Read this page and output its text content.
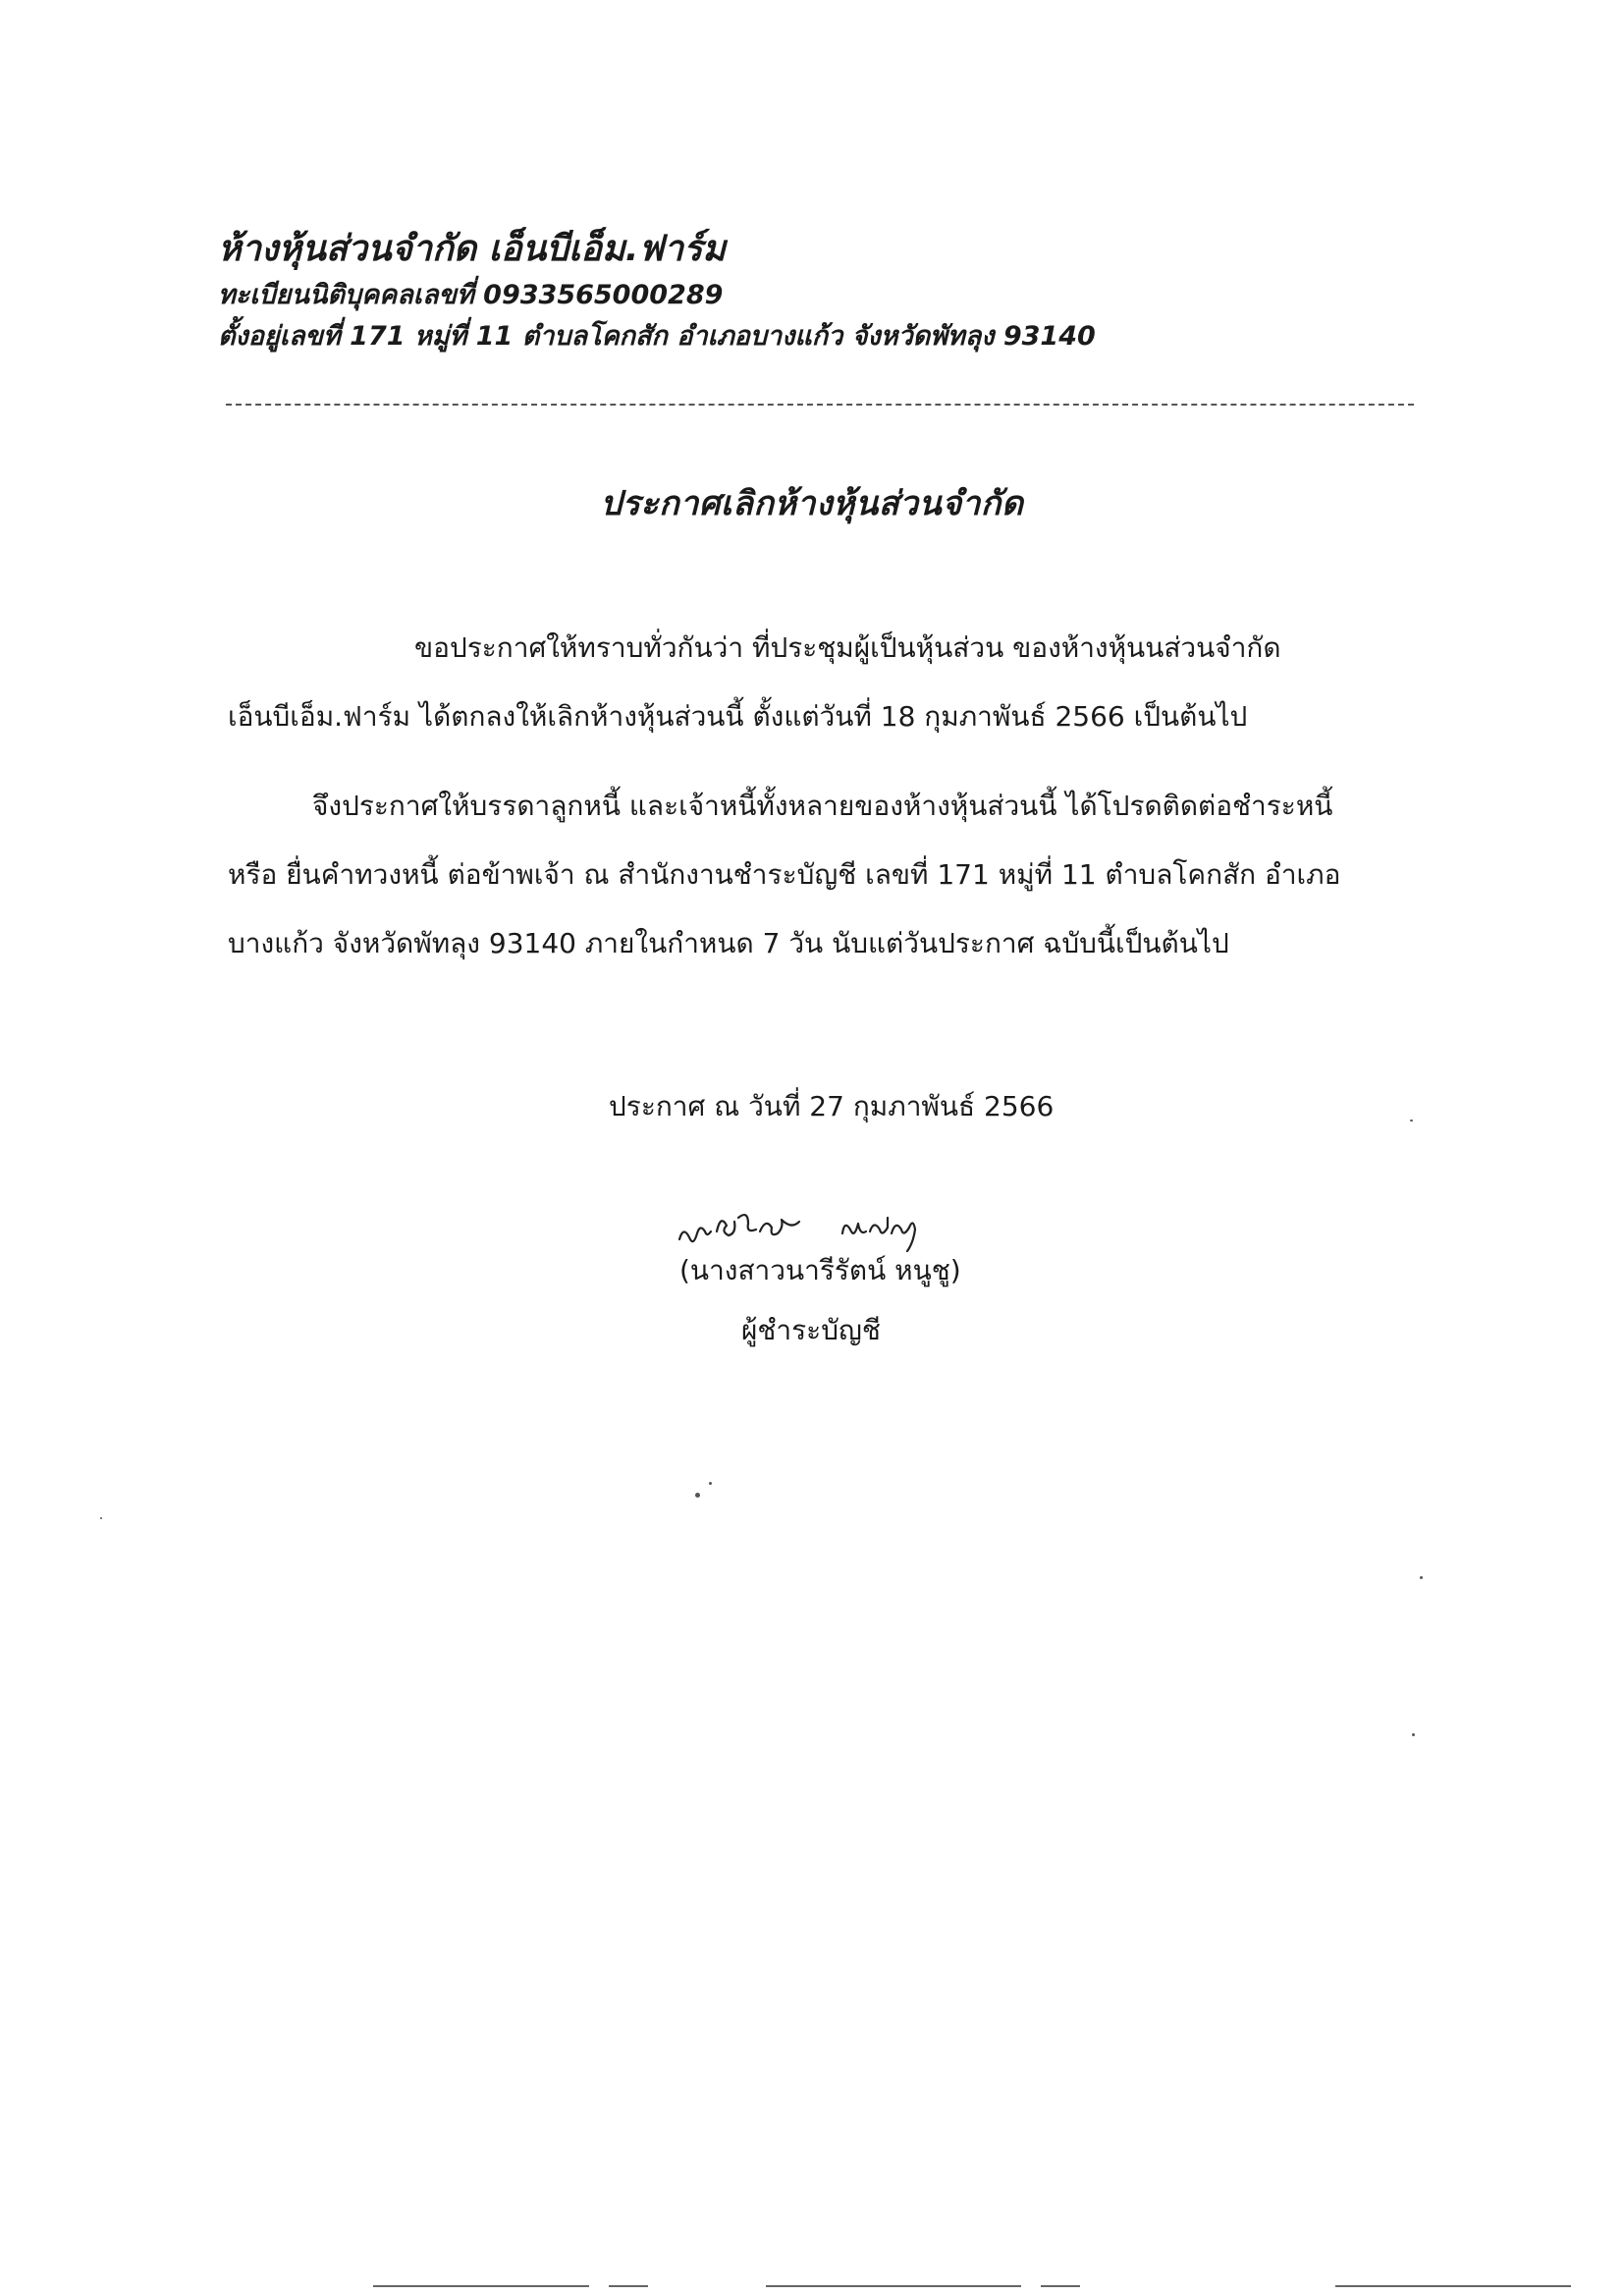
ห้างหุ้นส่วนจำกัด เอ็นบีเอ็ม.ฟาร์ม

ทะเบียนนิติบุคคลเลขที่ 0933565000289

ตั้งอยู่เลขที่ 171 หมู่ที่ 11 ตำบลโคกสัก อำเภอบางแก้ว จังหวัดพัทลุง 93140

ประกาศเลิกห้างหุ้นส่วนจำกัด

ขอประกาศให้ทราบทั่วกันว่า ที่ประชุมผู้เป็นหุ้นส่วน ของห้างหุ้นนส่วนจำกัด
เอ็นบีเอ็ม.ฟาร์ม ได้ตกลงให้เลิกห้างหุ้นส่วนนี้ ตั้งแต่วันที่ 18 กุมภาพันธ์ 2566 เป็นต้นไป

จึงประกาศให้บรรดาลูกหนี้ และเจ้าหนี้ทั้งหลายของห้างหุ้นส่วนนี้ ได้โปรดติดต่อชำระหนี้
หรือ ยื่นคำทวงหนี้ ต่อข้าพเจ้า ณ สำนักงานชำระบัญชี เลขที่ 171 หมู่ที่ 11 ตำบลโคกสัก อำเภอ
บางแก้ว จังหวัดพัทลุง 93140 ภายในกำหนด 7 วัน นับแต่วันประกาศ ฉบับนี้เป็นต้นไป

ประกาศ ณ วันที่ 27 กุมภาพันธ์ 2566

(นางสาวนารีรัตน์ หนูชู)

ผู้ชำระบัญชี
